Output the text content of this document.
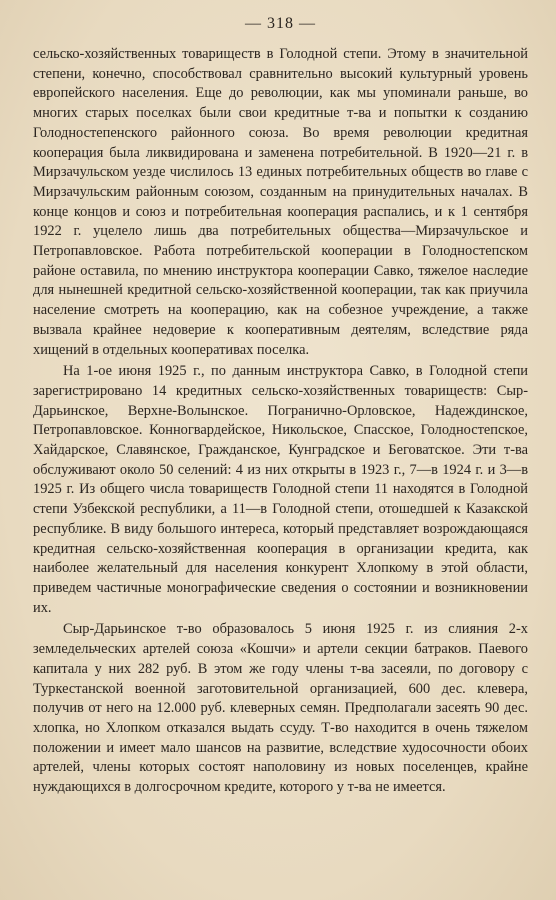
— 318 —

сельско-хозяйственных товариществ в Голодной степи. Этому в значительной степени, конечно, способствовал сравнительно высокий культурный уровень европейского населения. Еще до революции, как мы упоминали раньше, во многих старых поселках были свои кредитные т-ва и попытки к созданию Голодностепенского районного союза. Во время революции кредитная кооперация была ликвидирована и заменена потребительной. В 1920—21 г. в Мирзачульском уезде числилось 13 единых потребительных обществ во главе с Мирзачульским районным союзом, созданным на принудительных началах. В конце концов и союз и потребительная кооперация распались, и к 1 сентября 1922 г. уцелело лишь два потребительных общества—Мирзачульское и Петропавловское. Работа потребительской кооперации в Голодностепском районе оставила, по мнению инструктора кооперации Савко, тяжелое наследие для нынешней кредитной сельско-хозяйственной кооперации, так как приучила население смотреть на кооперацию, как на собезное учреждение, а также вызвала крайнее недоверие к кооперативным деятелям, вследствие ряда хищений в отдельных кооперативах поселка.

На 1-ое июня 1925 г., по данным инструктора Савко, в Голодной степи зарегистрировано 14 кредитных сельско-хозяйственных товариществ: Сыр-Дарьинское, Верхне-Волынское. Погранично-Орловское, Надеждинское, Петропавловское. Конногвардейское, Никольское, Спасское, Голодностепское, Хайдарское, Славянское, Гражданское, Кунградское и Беговатское. Эти т-ва обслуживают около 50 селений: 4 из них открыты в 1923 г., 7—в 1924 г. и 3—в 1925 г. Из общего числа товариществ Голодной степи 11 находятся в Голодной степи Узбекской республики, а 11—в Голодной степи, отошедшей к Казакской республике. В виду большого интереса, который представляет возрождающаяся кредитная сельско-хозяйственная кооперация в организации кредита, как наиболее желательный для населения конкурент Хлопкому в этой области, приведем частичные монографические сведения о состоянии и возникновении их.

Сыр-Дарьинское т-во образовалось 5 июня 1925 г. из слияния 2-х земледельческих артелей союза «Кошчи» и артели секции батраков. Паевого капитала у них 282 руб. В этом же году члены т-ва засеяли, по договору с Туркестанской военной заготовительной организацией, 600 дес. клевера, получив от него на 12.000 руб. клеверных семян. Предполагали засеять 90 дес. хлопка, но Хлопком отказался выдать ссуду. Т-во находится в очень тяжелом положении и имеет мало шансов на развитие, вследствие худосочности обоих артелей, члены которых состоят наполовину из новых поселенцев, крайне нуждающихся в долгосрочном кредите, которого у т-ва не имеется.
